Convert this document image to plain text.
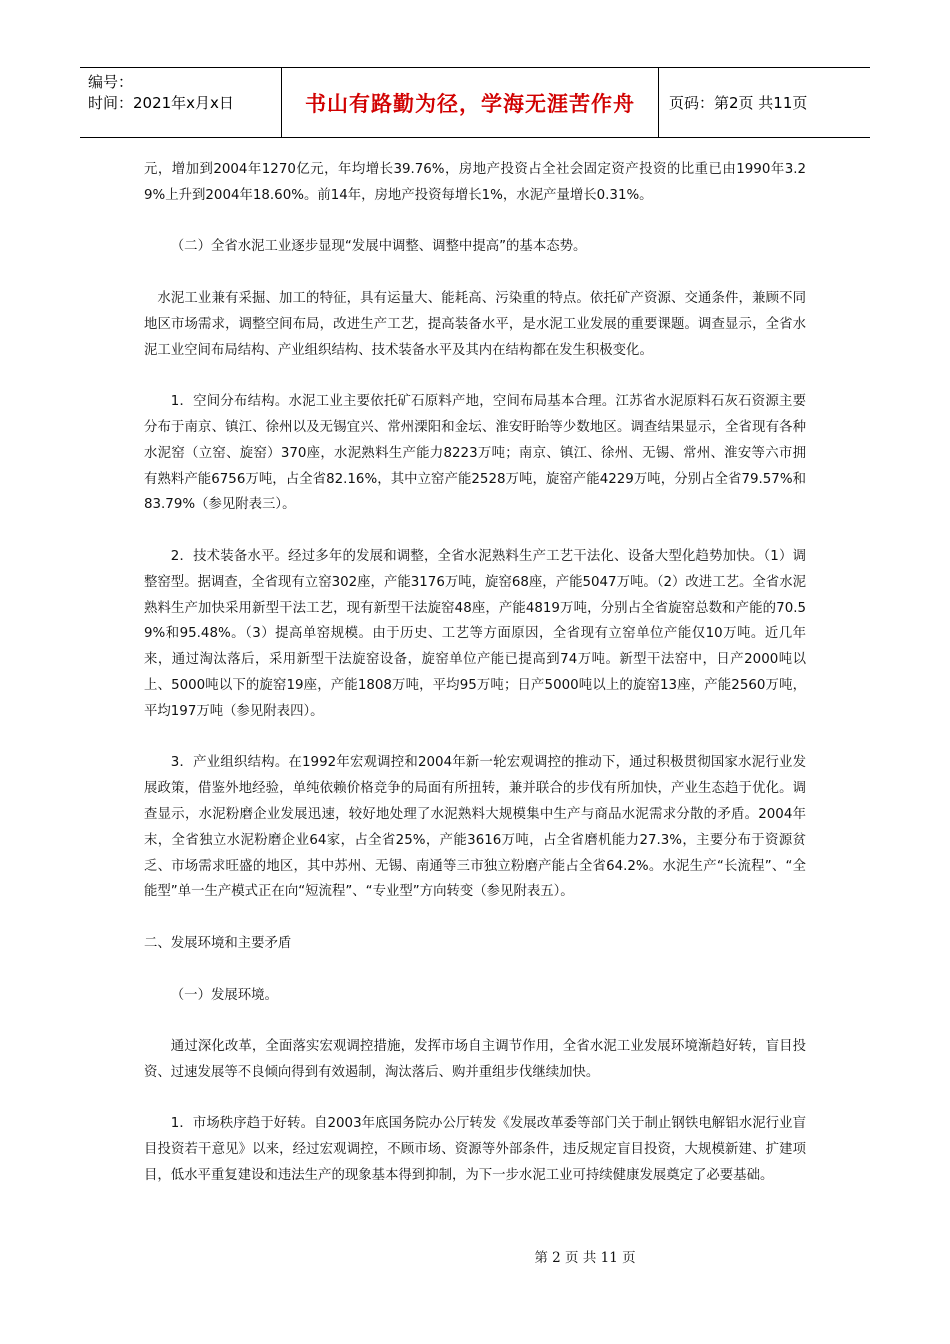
编号：
时间：2021年x月x日	书山有路勤为径，学海无涯苦作舟	页码：第2页 共11页

元，增加到2004年1270亿元，年均增长39.76%，房地产投资占全社会固定资产投资的比重已由1990年3.29%上升到2004年18.60%。前14年，房地产投资每增长1%，水泥产量增长0.31%。

（二）全省水泥工业逐步显现“发展中调整、调整中提高”的基本态势。

水泥工业兼有采掘、加工的特征，具有运量大、能耗高、污染重的特点。依托矿产资源、交通条件，兼顾不同地区市场需求，调整空间布局，改进生产工艺，提高装备水平，是水泥工业发展的重要课题。调查显示，全省水泥工业空间布局结构、产业组织结构、技术装备水平及其内在结构都在发生积极变化。

1．空间分布结构。水泥工业主要依托矿石原料产地，空间布局基本合理。江苏省水泥原料石灰石资源主要分布于南京、镇江、徐州以及无锡宜兴、常州溧阳和金坛、淮安盱眙等少数地区。调查结果显示，全省现有各种水泥窑（立窑、旋窑）370座，水泥熟料生产能力8223万吨；南京、镇江、徐州、无锡、常州、淮安等六市拥有熟料产能6756万吨，占全省82.16%，其中立窑产能2528万吨，旋窑产能4229万吨，分别占全省79.57%和83.79%（参见附表三）。

2．技术装备水平。经过多年的发展和调整，全省水泥熟料生产工艺干法化、设备大型化趋势加快。（1）调整窑型。据调查，全省现有立窑302座，产能3176万吨，旋窑68座，产能5047万吨。（2）改进工艺。全省水泥熟料生产加快采用新型干法工艺，现有新型干法旋窑48座，产能4819万吨，分别占全省旋窑总数和产能的70.59%和95.48%。（3）提高单窑规模。由于历史、工艺等方面原因，全省现有立窑单位产能仅10万吨。近几年来，通过淘汰落后，采用新型干法旋窑设备，旋窑单位产能已提高到74万吨。新型干法窑中，日产2000吨以上、5000吨以下的旋窑19座，产能1808万吨，平均95万吨；日产5000吨以上的旋窑13座，产能2560万吨，平均197万吨（参见附表四）。

3．产业组织结构。在1992年宏观调控和2004年新一轮宏观调控的推动下，通过积极贯彻国家水泥行业发展政策，借鉴外地经验，单纯依赖价格竞争的局面有所扭转，兼并联合的步伐有所加快，产业生态趋于优化。调查显示，水泥粉磨企业发展迅速，较好地处理了水泥熟料大规模集中生产与商品水泥需求分散的矛盾。2004年末，全省独立水泥粉磨企业64家，占全省25%，产能3616万吨，占全省磨机能力27.3%，主要分布于资源贫乏、市场需求旺盛的地区，其中苏州、无锡、南通等三市独立粉磨产能占全省64.2%。水泥生产“长流程”、“全能型”单一生产模式正在向“短流程”、“专业型”方向转变（参见附表五）。

二、发展环境和主要矛盾

（一）发展环境。

通过深化改革，全面落实宏观调控措施，发挥市场自主调节作用，全省水泥工业发展环境渐趋好转，盲目投资、过速发展等不良倾向得到有效遏制，淘汰落后、购并重组步伐继续加快。

1．市场秩序趋于好转。自2003年底国务院办公厅转发《发展改革委等部门关于制止钢铁电解铝水泥行业盲目投资若干意见》以来，经过宏观调控，不顾市场、资源等外部条件，违反规定盲目投资，大规模新建、扩建项目，低水平重复建设和违法生产的现象基本得到抑制，为下一步水泥工业可持续健康发展奠定了必要基础。

第 2 页 共 11 页
